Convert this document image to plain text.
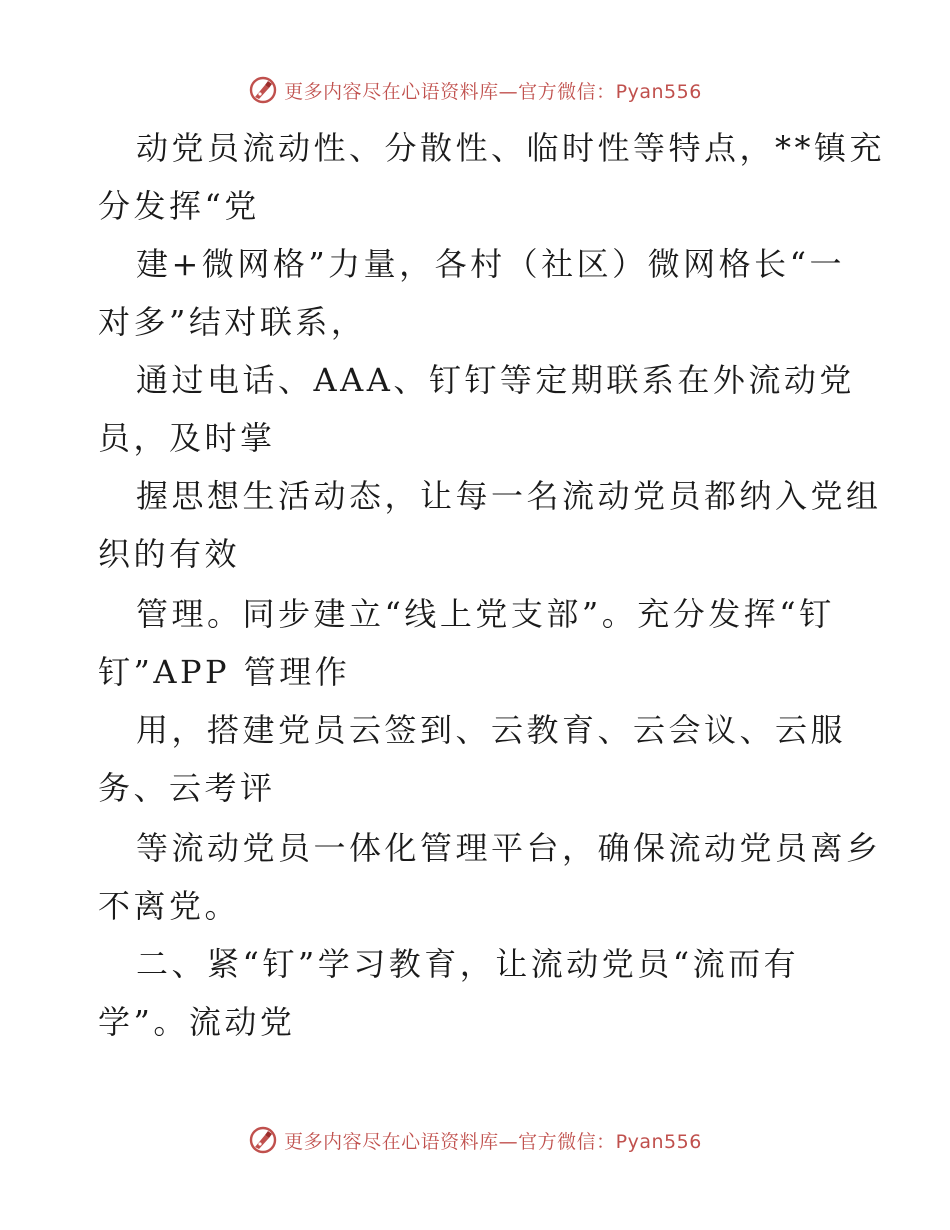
更多内容尽在心语资料库—官方微信：Pyan556
动党员流动性、分散性、临时性等特点，**镇充
分发挥“党
建+微网格”力量，各村（社区）微网格长“一
对多”结对联系，
通过电话、AAA、钉钉等定期联系在外流动党
员，及时掌
握思想生活动态，让每一名流动党员都纳入党组
织的有效
管理。同步建立“线上党支部”。充分发挥“钉
钉”APP 管理作
用，搭建党员云签到、云教育、云会议、云服
务、云考评
等流动党员一体化管理平台，确保流动党员离乡
不离党。
二、紧“钉”学习教育，让流动党员“流而有
学”。流动党
更多内容尽在心语资料库—官方微信：Pyan556
